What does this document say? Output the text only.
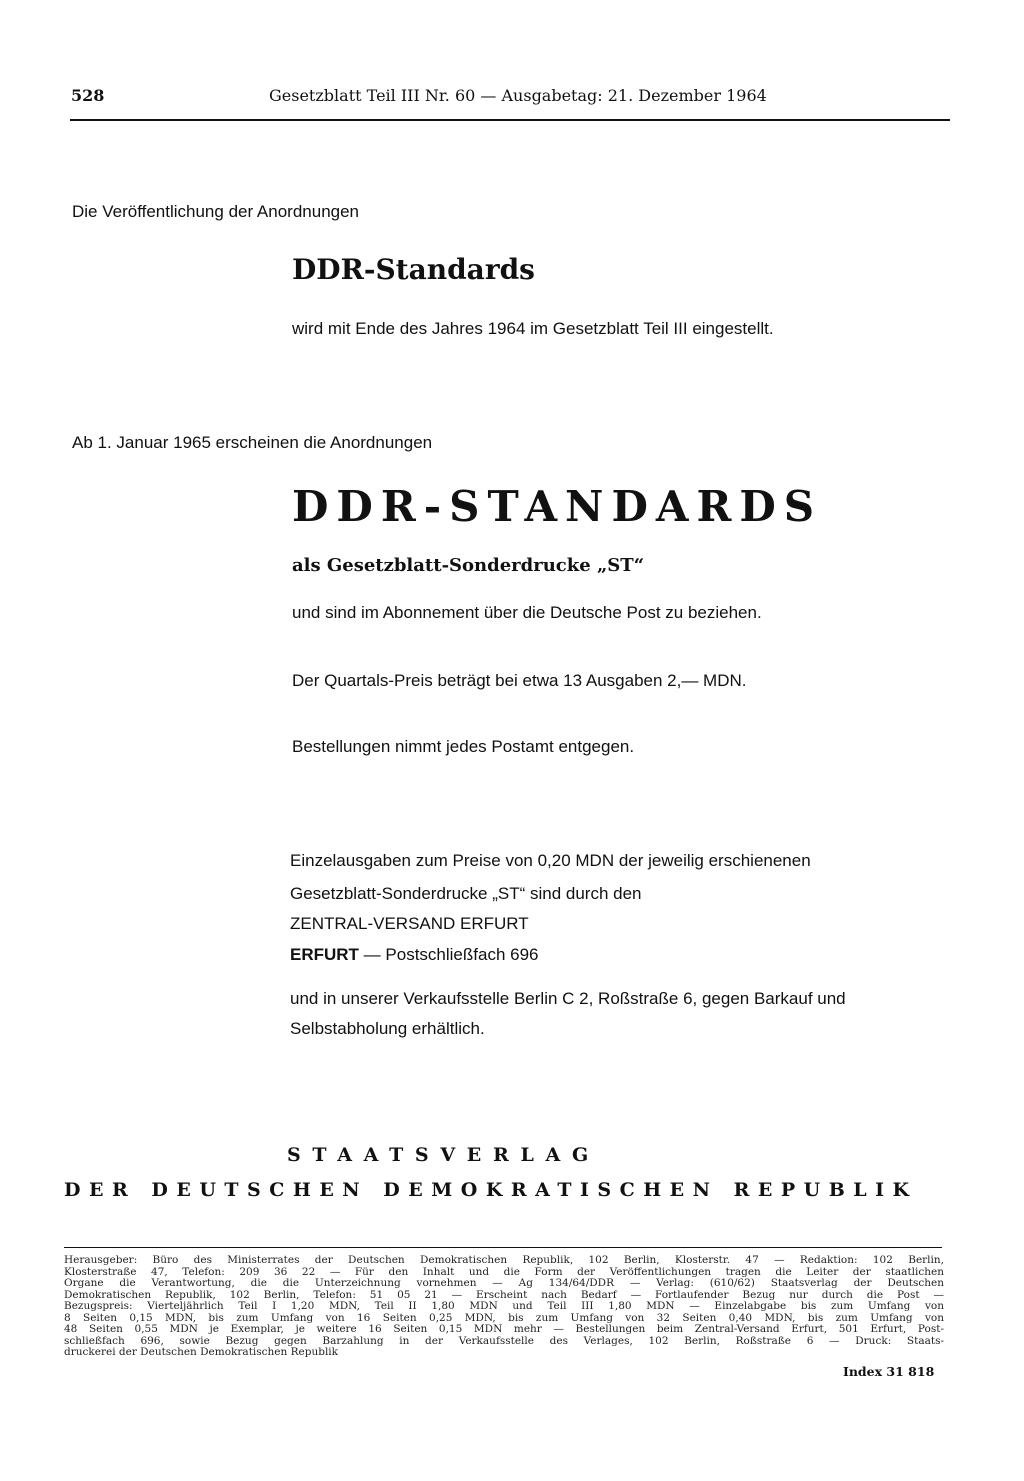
528	Gesetzblatt Teil III Nr. 60 — Ausgabetag: 21. Dezember 1964
Die Veröffentlichung der Anordnungen
DDR-Standards
wird mit Ende des Jahres 1964 im Gesetzblatt Teil III eingestellt.
Ab 1. Januar 1965 erscheinen die Anordnungen
DDR-STANDARDS
als Gesetzblatt-Sonderdrucke „ST“
und sind im Abonnement über die Deutsche Post zu beziehen.
Der Quartals-Preis beträgt bei etwa 13 Ausgaben 2,— MDN.
Bestellungen nimmt jedes Postamt entgegen.
Einzelausgaben zum Preise von 0,20 MDN der jeweilig erschienenen
Gesetzblatt-Sonderdrucke „ST“ sind durch den
ZENTRAL-VERSAND ERFURT
ERFURT — Postschließfach 696
und in unserer Verkaufsstelle Berlin C 2, Roßstraße 6, gegen Barkauf und
Selbstabholung erhältlich.
STAATSVERLAG
DER DEUTSCHEN DEMOKRATISCHEN REPUBLIK
Herausgeber: Büro des Ministerrates der Deutschen Demokratischen Republik, 102 Berlin, Klosterstr. 47 — Redaktion: 102 Berlin,
Klosterstraße 47, Telefon: 209 36 22 — Für den Inhalt und die Form der Veröffentlichungen tragen die Leiter der staatlichen
Organe die Verantwortung, die die Unterzeichnung vornehmen — Ag 134/64/DDR — Verlag: (610/62) Staatsverlag der Deutschen
Demokratischen Republik, 102 Berlin, Telefon: 51 05 21 — Erscheint nach Bedarf — Fortlaufender Bezug nur durch die Post —
Bezugspreis: Vierteljährlich Teil I 1,20 MDN, Teil II 1,80 MDN und Teil III 1,80 MDN — Einzelabgabe bis zum Umfang von
8 Seiten 0,15 MDN, bis zum Umfang von 16 Seiten 0,25 MDN, bis zum Umfang von 32 Seiten 0,40 MDN, bis zum Umfang von
48 Seiten 0,55 MDN je Exemplar, je weitere 16 Seiten 0,15 MDN mehr — Bestellungen beim Zentral-Versand Erfurt, 501 Erfurt, Post-
schließfach 696, sowie Bezug gegen Barzahlung in der Verkaufsstelle des Verlages, 102 Berlin, Roßstraße 6 — Druck: Staats-
druckerei der Deutschen Demokratischen Republik
Index 31 818
